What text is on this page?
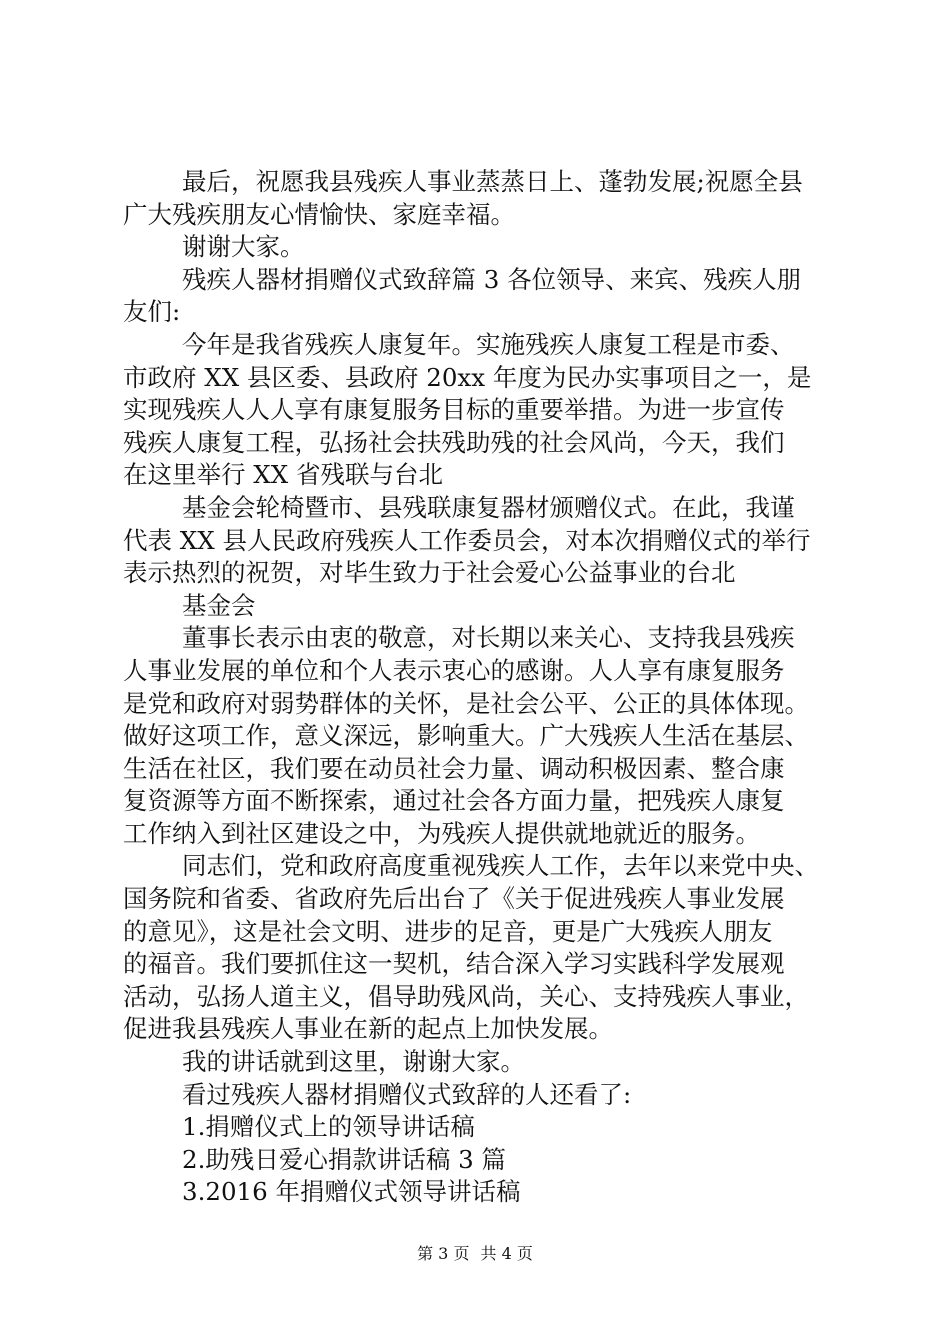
最后，祝愿我县残疾人事业蒸蒸日上、蓬勃发展;祝愿全县
广大残疾朋友心情愉快、家庭幸福。
谢谢大家。
残疾人器材捐赠仪式致辞篇 3 各位领导、来宾、残疾人朋
友们:
今年是我省残疾人康复年。实施残疾人康复工程是市委、
市政府 XX 县区委、县政府 20xx 年度为民办实事项目之一，是
实现残疾人人人享有康复服务目标的重要举措。为进一步宣传
残疾人康复工程，弘扬社会扶残助残的社会风尚，今天，我们
在这里举行 XX 省残联与台北
基金会轮椅暨市、县残联康复器材颁赠仪式。在此，我谨
代表 XX 县人民政府残疾人工作委员会，对本次捐赠仪式的举行
表示热烈的祝贺，对毕生致力于社会爱心公益事业的台北
基金会
董事长表示由衷的敬意，对长期以来关心、支持我县残疾
人事业发展的单位和个人表示衷心的感谢。人人享有康复服务
是党和政府对弱势群体的关怀，是社会公平、公正的具体体现。
做好这项工作，意义深远，影响重大。广大残疾人生活在基层、
生活在社区，我们要在动员社会力量、调动积极因素、整合康
复资源等方面不断探索，通过社会各方面力量，把残疾人康复
工作纳入到社区建设之中，为残疾人提供就地就近的服务。
同志们，党和政府高度重视残疾人工作，去年以来党中央、
国务院和省委、省政府先后出台了《关于促进残疾人事业发展
的意见》，这是社会文明、进步的足音，更是广大残疾人朋友
的福音。我们要抓住这一契机，结合深入学习实践科学发展观
活动，弘扬人道主义，倡导助残风尚，关心、支持残疾人事业，
促进我县残疾人事业在新的起点上加快发展。
我的讲话就到这里，谢谢大家。
看过残疾人器材捐赠仪式致辞的人还看了:
1.捐赠仪式上的领导讲话稿
2.助残日爱心捐款讲话稿 3 篇
3.2016 年捐赠仪式领导讲话稿
第 3 页 共 4 页
